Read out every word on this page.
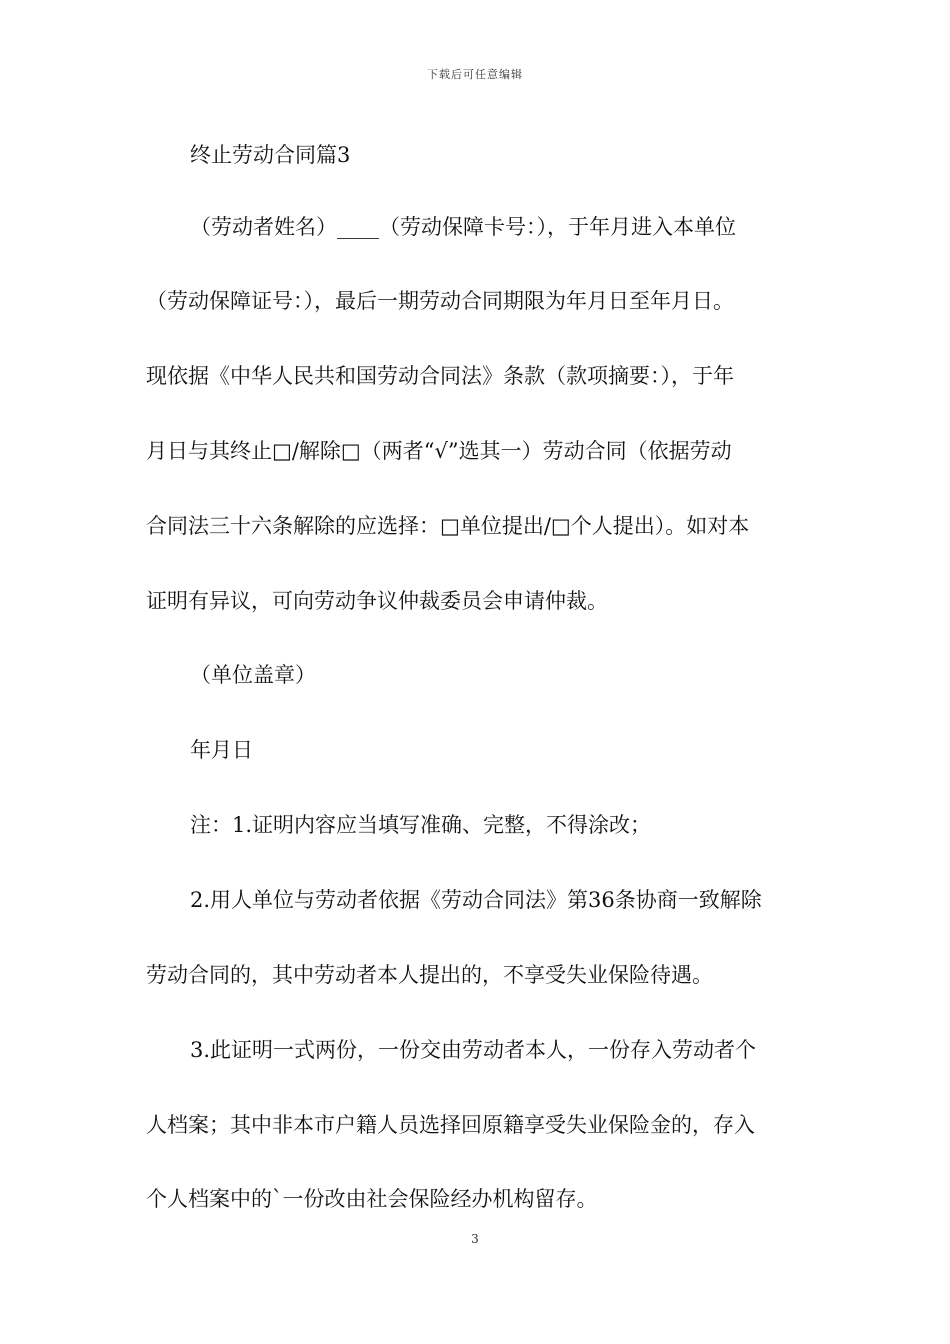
下载后可任意编辑
终止劳动合同篇3
（劳动者姓名）____（劳动保障卡号：），于年月进入本单位
（劳动保障证号：），最后一期劳动合同期限为年月日至年月日。
现依据《中华人民共和国劳动合同法》条款（款项摘要：），于年
月日与其终止□/解除□（两者“√”选其一）劳动合同（依据劳动
合同法三十六条解除的应选择：□单位提出/□个人提出）。如对本
证明有异议，可向劳动争议仲裁委员会申请仲裁。
（单位盖章）
年月日
注：1.证明内容应当填写准确、完整，不得涂改；
2.用人单位与劳动者依据《劳动合同法》第36条协商一致解除
劳动合同的，其中劳动者本人提出的，不享受失业保险待遇。
3.此证明一式两份，一份交由劳动者本人，一份存入劳动者个
人档案；其中非本市户籍人员选择回原籍享受失业保险金的，存入
个人档案中的`一份改由社会保险经办机构留存。
3
